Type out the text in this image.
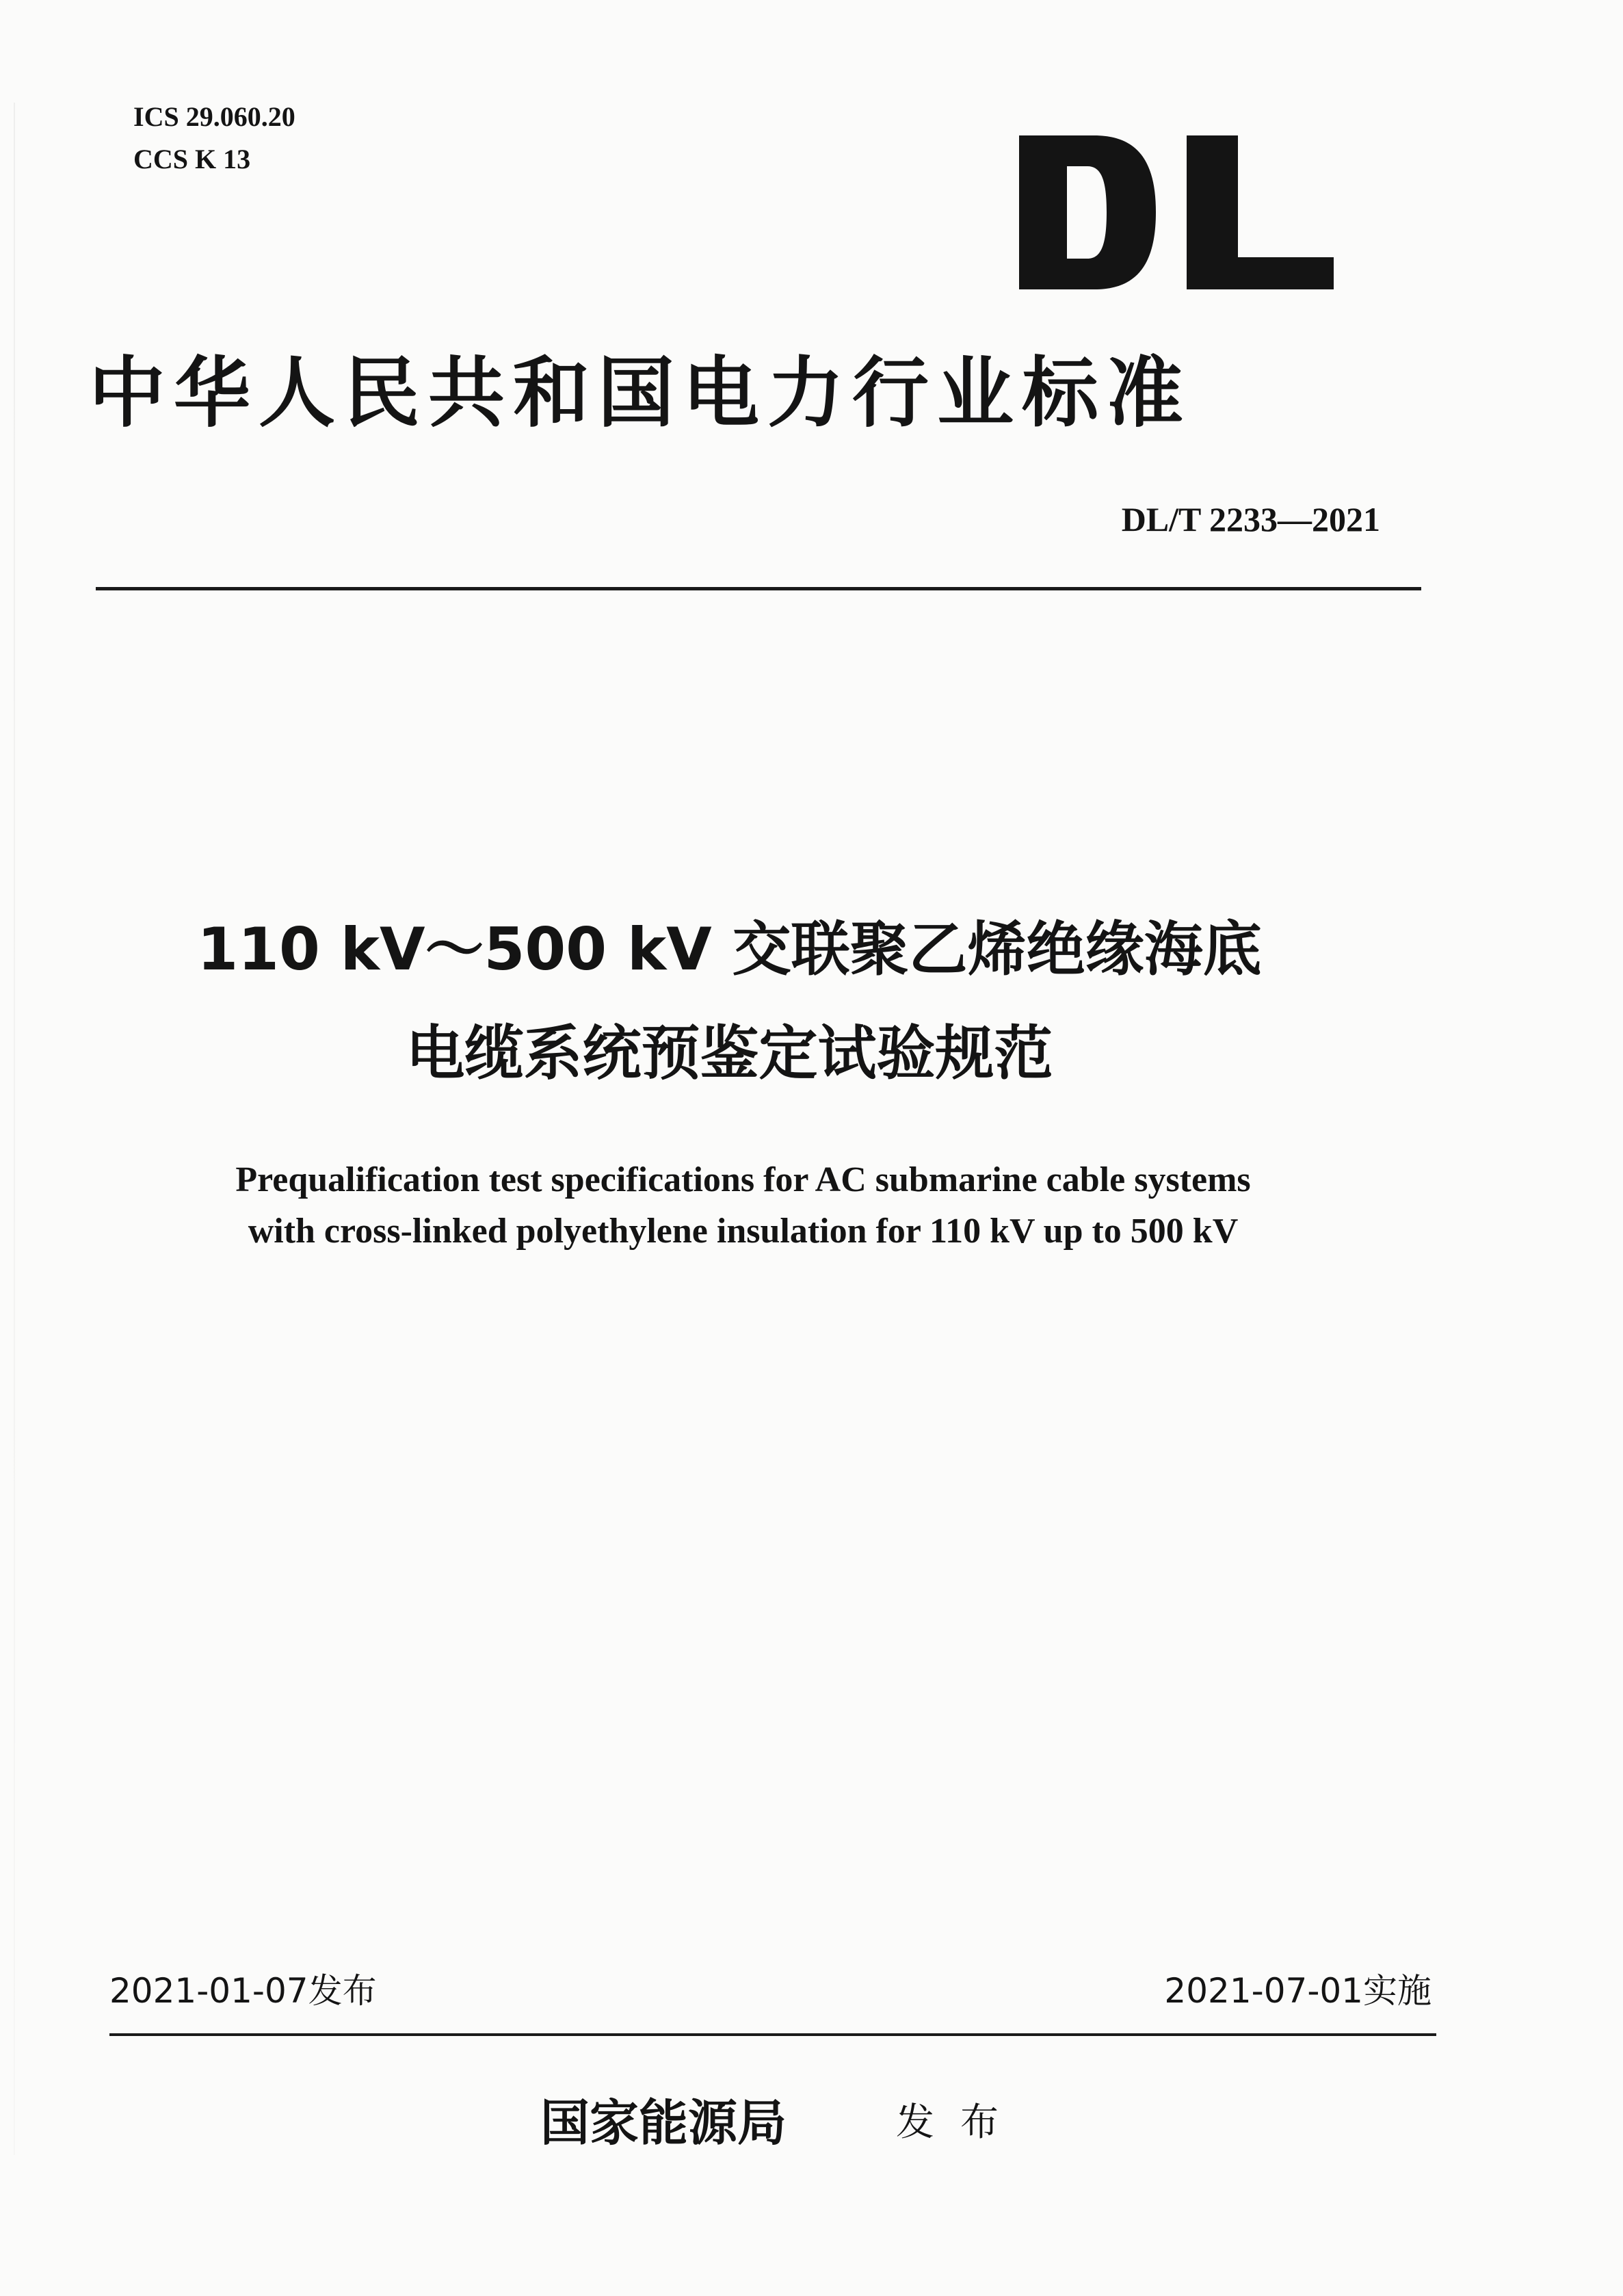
ICS 29.060.20
CCS K 13
中华人民共和国电力行业标准
DL/T 2233—2021
110 kV～500 kV 交联聚乙烯绝缘海底
电缆系统预鉴定试验规范
Prequalification test specifications for AC submarine cable systems
with cross-linked polyethylene insulation for 110 kV up to 500 kV
2021-01-07发布	2021-07-01实施
国家能源局	发布
